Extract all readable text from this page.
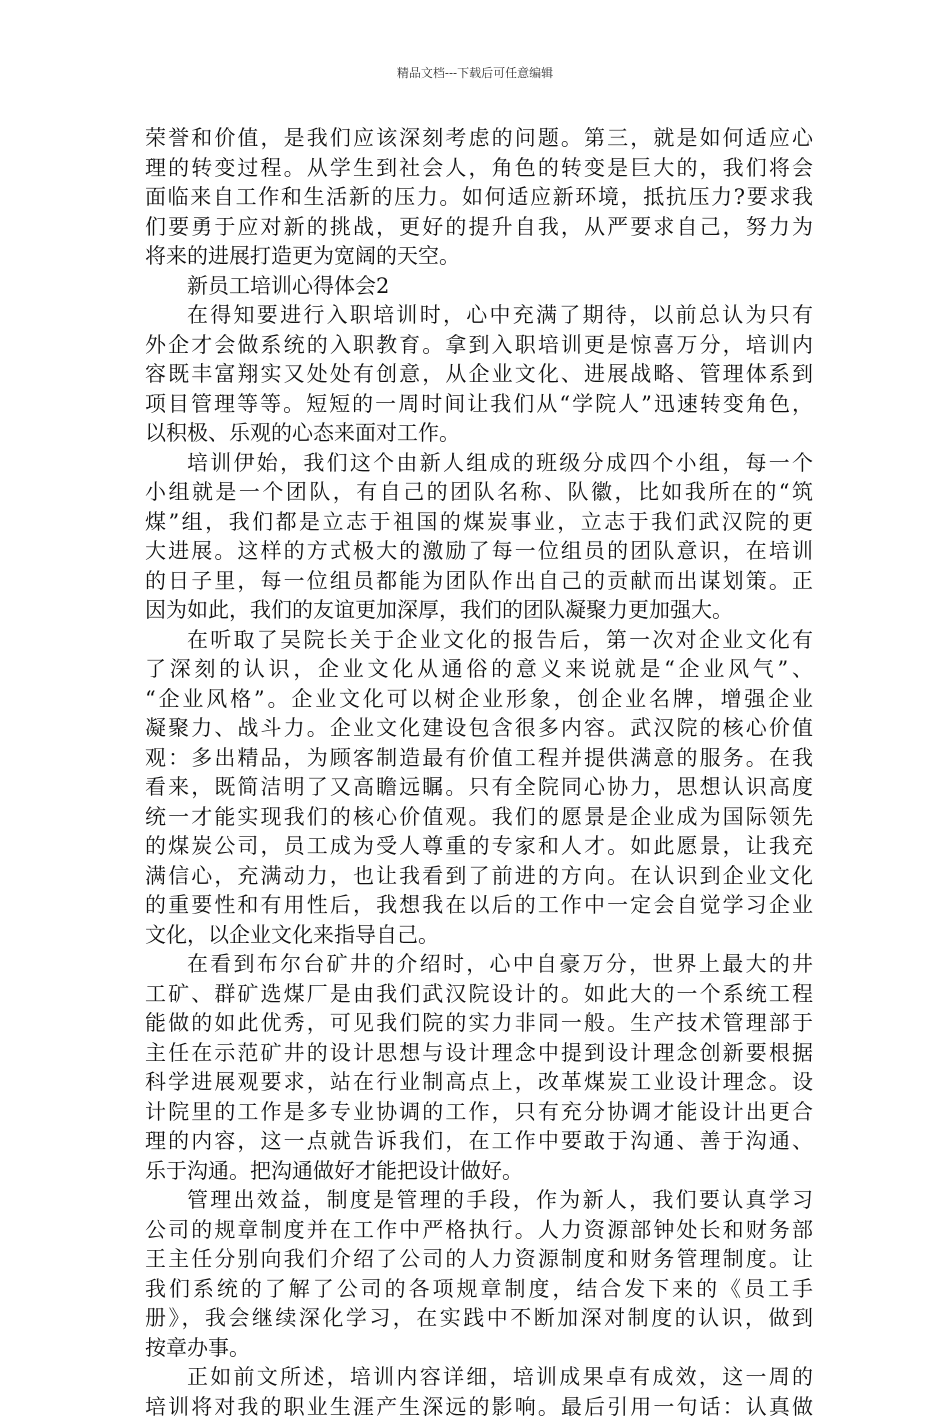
精品文档---下载后可任意编辑
荣誉和价值，是我们应该深刻考虑的问题。第三，就是如何适应心
理的转变过程。从学生到社会人，角色的转变是巨大的，我们将会
面临来自工作和生活新的压力。如何适应新环境，抵抗压力?要求我
们要勇于应对新的挑战，更好的提升自我，从严要求自己，努力为
将来的进展打造更为宽阔的天空。
新员工培训心得体会2
在得知要进行入职培训时，心中充满了期待，以前总认为只有
外企才会做系统的入职教育。拿到入职培训更是惊喜万分，培训内
容既丰富翔实又处处有创意，从企业文化、进展战略、管理体系到
项目管理等等。短短的一周时间让我们从“学院人”迅速转变角色，
以积极、乐观的心态来面对工作。
培训伊始，我们这个由新人组成的班级分成四个小组，每一个
小组就是一个团队，有自己的团队名称、队徽，比如我所在的“筑
煤”组，我们都是立志于祖国的煤炭事业，立志于我们武汉院的更
大进展。这样的方式极大的激励了每一位组员的团队意识，在培训
的日子里，每一位组员都能为团队作出自己的贡献而出谋划策。正
因为如此，我们的友谊更加深厚，我们的团队凝聚力更加强大。
在听取了吴院长关于企业文化的报告后，第一次对企业文化有
了深刻的认识，企业文化从通俗的意义来说就是“企业风气”、
“企业风格”。企业文化可以树企业形象，创企业名牌，增强企业
凝聚力、战斗力。企业文化建设包含很多内容。武汉院的核心价值
观：多出精品，为顾客制造最有价值工程并提供满意的服务。在我
看来，既简洁明了又高瞻远瞩。只有全院同心协力，思想认识高度
统一才能实现我们的核心价值观。我们的愿景是企业成为国际领先
的煤炭公司，员工成为受人尊重的专家和人才。如此愿景，让我充
满信心，充满动力，也让我看到了前进的方向。在认识到企业文化
的重要性和有用性后，我想我在以后的工作中一定会自觉学习企业
文化，以企业文化来指导自己。
在看到布尔台矿井的介绍时，心中自豪万分，世界上最大的井
工矿、群矿选煤厂是由我们武汉院设计的。如此大的一个系统工程
能做的如此优秀，可见我们院的实力非同一般。生产技术管理部于
主任在示范矿井的设计思想与设计理念中提到设计理念创新要根据
科学进展观要求，站在行业制高点上，改革煤炭工业设计理念。设
计院里的工作是多专业协调的工作，只有充分协调才能设计出更合
理的内容，这一点就告诉我们，在工作中要敢于沟通、善于沟通、
乐于沟通。把沟通做好才能把设计做好。
管理出效益，制度是管理的手段，作为新人，我们要认真学习
公司的规章制度并在工作中严格执行。人力资源部钟处长和财务部
王主任分别向我们介绍了公司的人力资源制度和财务管理制度。让
我们系统的了解了公司的各项规章制度，结合发下来的《员工手
册》，我会继续深化学习，在实践中不断加深对制度的认识，做到
按章办事。
正如前文所述，培训内容详细，培训成果卓有成效，这一周的
培训将对我的职业生涯产生深远的影响。最后引用一句话：认真做
